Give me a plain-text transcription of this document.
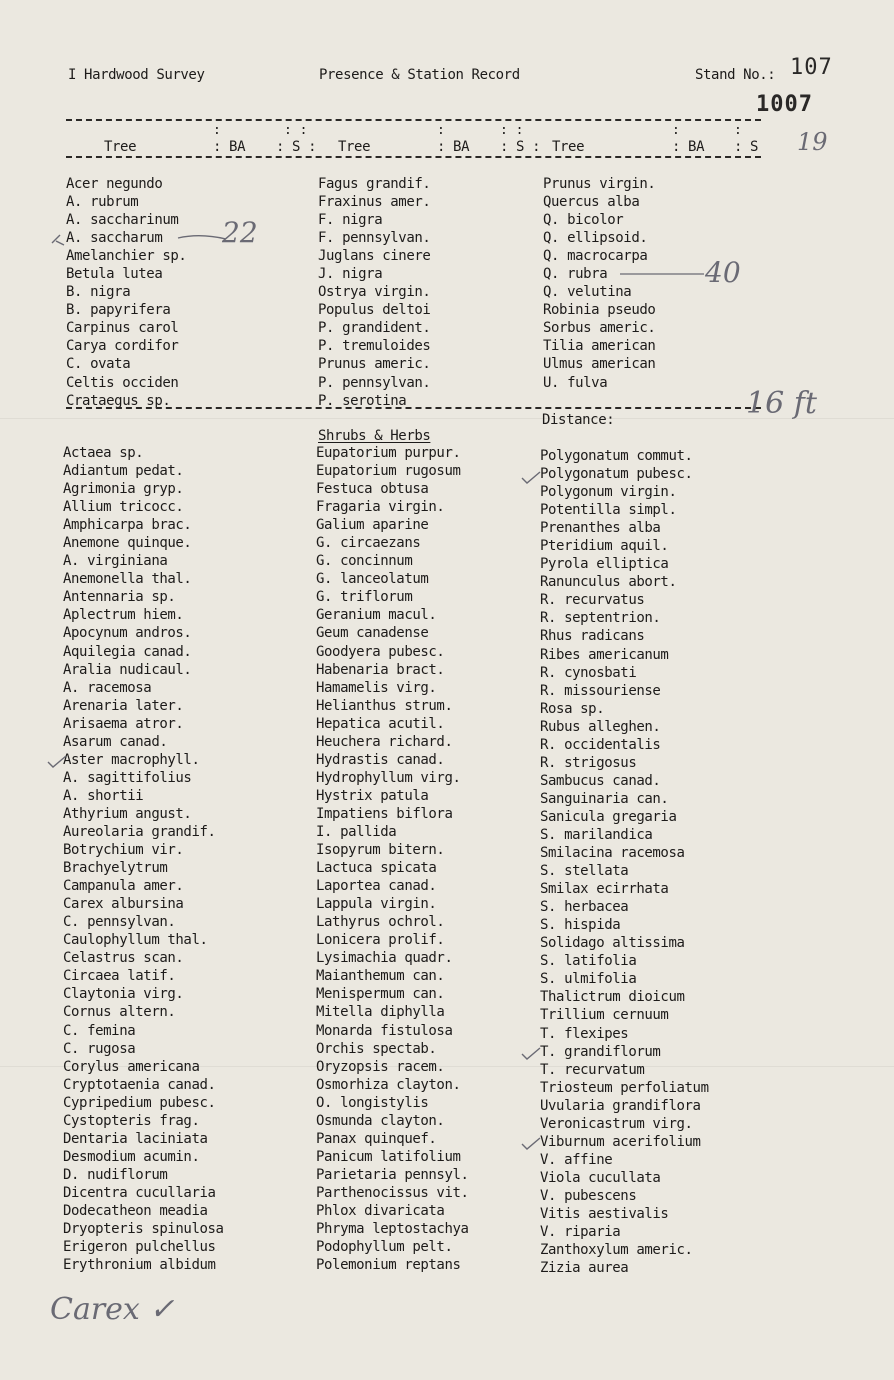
I Hardwood Survey	Presence & Station Record	Stand No.: 107
1007
:	: :	:	: :	:	:
Tree	: BA : S : Tree	: BA : S : Tree	: BA : S 19
Acer negundo
A. rubrum
A. saccharinum
A. saccharum
Amelanchier sp.
Betula lutea
B. nigra
B. papyrifera
Carpinus carol
Carya cordifor
C. ovata
Celtis occiden
Crataegus sp.
Fagus grandif.
Fraxinus amer.
F. nigra
F. pennsylvan.
Juglans cinere
J. nigra
Ostrya virgin.
Populus deltoi
P. grandident.
P. tremuloides
Prunus americ.
P. pennsylvan.
P. serotina
Prunus virgin.
Quercus alba
Q. bicolor
Q. ellipsoid.
Q. macrocarpa
Q. rubra
Q. velutina
Robinia pseudo
Sorbus americ.
Tilia american
Ulmus american
U. fulva
22
40
16 ft
Distance:
Shrubs & Herbs
Actaea sp.
Adiantum pedat.
Agrimonia gryp.
Allium tricocc.
Amphicarpa brac.
Anemone quinque.
A. virginiana
Anemonella thal.
Antennaria sp.
Aplectrum hiem.
Apocynum andros.
Aquilegia canad.
Aralia nudicaul.
A. racemosa
Arenaria later.
Arisaema atror.
Asarum canad.
Aster macrophyll.
A. sagittifolius
A. shortii
Athyrium angust.
Aureolaria grandif.
Botrychium vir.
Brachyelytrum
Campanula amer.
Carex albursina
C. pennsylvan.
Caulophyllum thal.
Celastrus scan.
Circaea latif.
Claytonia virg.
Cornus altern.
C. femina
C. rugosa
Corylus americana
Cryptotaenia canad.
Cypripedium pubesc.
Cystopteris frag.
Dentaria laciniata
Desmodium acumin.
D. nudiflorum
Dicentra cucullaria
Dodecatheon meadia
Dryopteris spinulosa
Erigeron pulchellus
Erythronium albidum
Eupatorium purpur.
Eupatorium rugosum
Festuca obtusa
Fragaria virgin.
Galium aparine
G. circaezans
G. concinnum
G. lanceolatum
G. triflorum
Geranium macul.
Geum canadense
Goodyera pubesc.
Habenaria bract.
Hamamelis virg.
Helianthus strum.
Hepatica acutil.
Heuchera richard.
Hydrastis canad.
Hydrophyllum virg.
Hystrix patula
Impatiens biflora
I. pallida
Isopyrum bitern.
Lactuca spicata
Laportea canad.
Lappula virgin.
Lathyrus ochrol.
Lonicera prolif.
Lysimachia quadr.
Maianthemum can.
Menispermum can.
Mitella diphylla
Monarda fistulosa
Orchis spectab.
Oryzopsis racem.
Osmorhiza clayton.
O. longistylis
Osmunda clayton.
Panax quinquef.
Panicum latifolium
Parietaria pennsyl.
Parthenocissus vit.
Phlox divaricata
Phryma leptostachya
Podophyllum pelt.
Polemonium reptans
Polygonatum commut.
Polygonatum pubesc.
Polygonum virgin.
Potentilla simpl.
Prenanthes alba
Pteridium aquil.
Pyrola elliptica
Ranunculus abort.
R. recurvatus
R. septentrion.
Rhus radicans
Ribes americanum
R. cynosbati
R. missouriense
Rosa sp.
Rubus alleghen.
R. occidentalis
R. strigosus
Sambucus canad.
Sanguinaria can.
Sanicula gregaria
S. marilandica
Smilacina racemosa
S. stellata
Smilax ecirrhata
S. herbacea
S. hispida
Solidago altissima
S. latifolia
S. ulmifolia
Thalictrum dioicum
Trillium cernuum
T. flexipes
T. grandiflorum
T. recurvatum
Triosteum perfoliatum
Uvularia grandiflora
Veronicastrum virg.
Viburnum acerifolium
V. affine
Viola cucullata
V. pubescens
Vitis aestivalis
V. riparia
Zanthoxylum americ.
Zizia aurea
Carex ✓
